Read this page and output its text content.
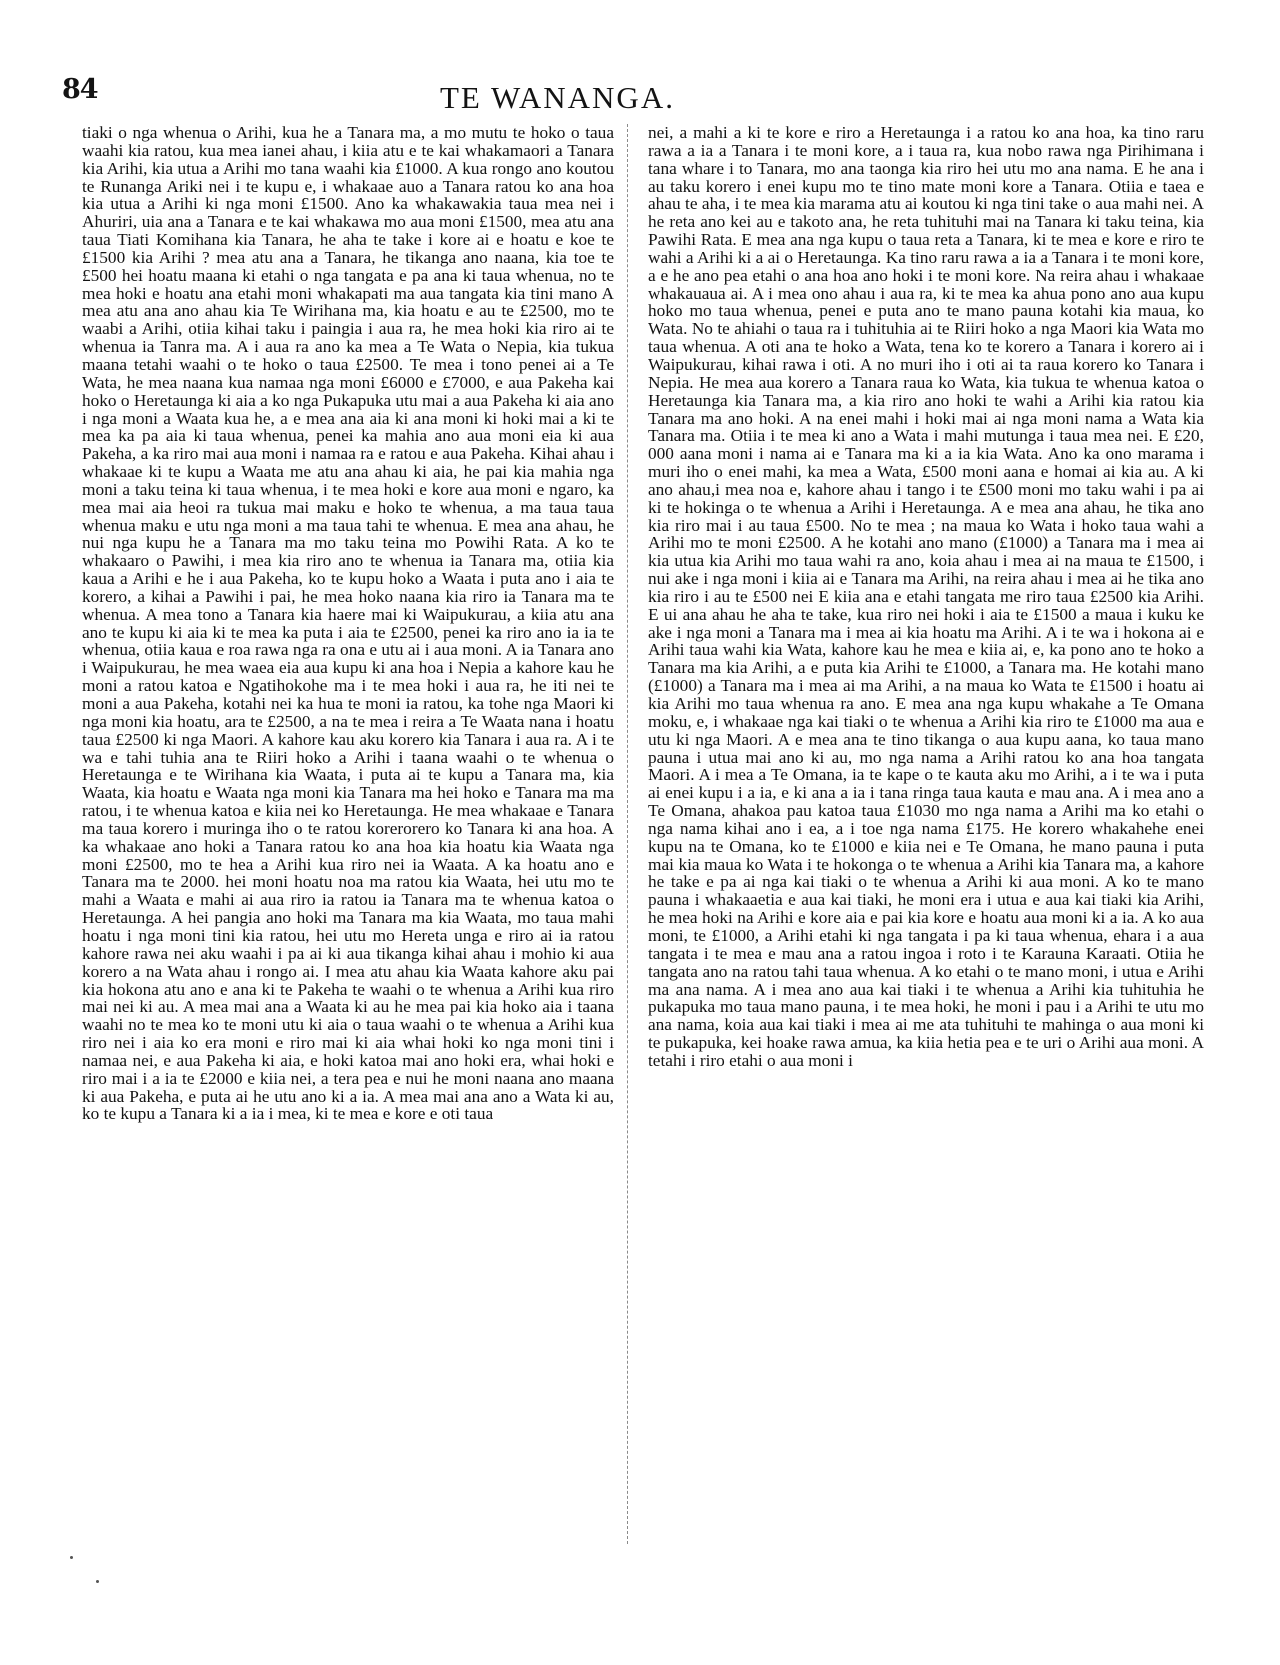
84	TE WANANGA.

tiaki o nga whenua o Arihi, kua he a Tanara ma, a mo mutu te hoko o taua waahi kia ratou, kua mea ianei ahau, i kiia atu e te kai whakamaori a Tanara kia Arihi, kia utua a Arihi mo tana waahi kia £1000. A kua rongo ano koutou te Runanga Ariki nei i te kupu e, i whakaae auo a Tanara ratou ko ana hoa kia utua a Arihi ki nga moni £1500. Ano ka whakawakia taua mea nei i Ahuriri, uia ana a Tanara e te kai whakawa mo aua moni £1500, mea atu ana taua Tiati Komihana kia Tanara, he aha te take i kore ai e hoatu e koe te £1500 kia Arihi ? mea atu ana a Tanara, he tikanga ano naana, kia toe te £500 hei hoatu maana ki etahi o nga tangata e pa ana ki taua whenua, no te mea hoki e hoatu ana etahi moni whakapati ma aua tangata kia tini mano A mea atu ana ano ahau kia Te Wirihana ma, kia hoatu e au te £2500, mo te waabi a Arihi, otiia kihai taku i paingia i aua ra, he mea hoki kia riro ai te whenua ia Tanra ma. A i aua ra ano ka mea a Te Wata o Nepia, kia tukua maana tetahi waahi o te hoko o taua £2500. Te mea i tono penei ai a Te Wata, he mea naana kua namaa nga moni £6000 e £7000, e aua Pakeha kai hoko o Heretaunga ki aia a ko nga Pukapuka utu mai a aua Pakeha ki aia ano i nga moni a Waata kua he, a e mea ana aia ki ana moni ki hoki mai a ki te mea ka pa aia ki taua whenua, penei ka mahia ano aua moni eia ki aua Pakeha, a ka riro mai aua moni i namaa ra e ratou e aua Pakeha. Kihai ahau i whakaae ki te kupu a Waata me atu ana ahau ki aia, he pai kia mahia nga moni a taku teina ki taua whenua, i te mea hoki e kore aua moni e ngaro, ka mea mai aia heoi ra tukua mai maku e hoko te whenua, a ma taua taua whenua maku e utu nga moni a ma taua tahi te whenua. E mea ana ahau, he nui nga kupu he a Tanara ma mo taku teina mo Powihi Rata. A ko te whakaaro o Pawihi, i mea kia riro ano te whenua ia Tanara ma, otiia kia kaua a Arihi e he i aua Pakeha, ko te kupu hoko a Waata i puta ano i aia te korero, a kihai a Pawihi i pai, he mea hoko naana kia riro ia Tanara ma te whenua. A mea tono a Tanara kia haere mai ki Waipukurau, a kiia atu ana ano te kupu ki aia ki te mea ka puta i aia te £2500, penei ka riro ano ia ia te whenua, otiia kaua e roa rawa nga ra ona e utu ai i aua moni. A ia Tanara ano i Waipukurau, he mea waea eia aua kupu ki ana hoa i Nepia a kahore kau he moni a ratou katoa e Ngatihokohe ma i te mea hoki i aua ra, he iti nei te moni a aua Pakeha, kotahi nei ka hua te moni ia ratou, ka tohe nga Maori ki nga moni kia hoatu, ara te £2500, a na te mea i reira a Te Waata nana i hoatu taua £2500 ki nga Maori. A kahore kau aku korero kia Tanara i aua ra. A i te wa e tahi tuhia ana te Riiri hoko a Arihi i taana waahi o te whenua o Heretaunga e te Wirihana kia Waata, i puta ai te kupu a Tanara ma, kia Waata, kia hoatu e Waata nga moni kia Tanara ma hei hoko e Tanara ma ma ratou, i te whenua katoa e kiia nei ko Heretaunga. He mea whakaae e Tanara ma taua korero i muringa iho o te ratou korerorero ko Tanara ki ana hoa. A ka whakaae ano hoki a Tanara ratou ko ana hoa kia hoatu kia Waata nga moni £2500, mo te hea a Arihi kua riro nei ia Waata. A ka hoatu ano e Tanara ma te 2000. hei moni hoatu noa ma ratou kia Waata, hei utu mo te mahi a Waata e mahi ai aua riro ia ratou ia Tanara ma te whenua katoa o Heretaunga. A hei pangia ano hoki ma Tanara ma kia Waata, mo taua mahi hoatu i nga moni tini kia ratou, hei utu mo Hereta unga e riro ai ia ratou kahore rawa nei aku waahi i pa ai ki aua tikanga kihai ahau i mohio ki aua korero a na Wata ahau i rongo ai. I mea atu ahau kia Waata kahore aku pai kia hokona atu ano e ana ki te Pakeha te waahi o te whenua a Arihi kua riro mai nei ki au. A mea mai ana a Waata ki au he mea pai kia hoko aia i taana waahi no te mea ko te moni utu ki aia o taua waahi o te whenua a Arihi kua riro nei i aia ko era moni e riro mai ki aia whai hoki ko nga moni tini i namaa nei, e aua Pakeha ki aia, e hoki katoa mai ano hoki era, whai hoki e riro mai i a ia te £2000 e kiia nei, a tera pea e nui he moni naana ano maana ki aua Pakeha, e puta ai he utu ano ki a ia. A mea mai ana ano a Wata ki au, ko te kupu a Tanara ki a ia i mea, ki te mea e kore e oti taua

nei, a mahi a ki te kore e riro a Heretaunga i a ratou ko ana hoa, ka tino raru rawa a ia a Tanara i te moni kore, a i taua ra, kua nobo rawa nga Pirihimana i tana whare i to Tanara, mo ana taonga kia riro hei utu mo ana nama. E he ana i au taku korero i enei kupu mo te tino mate moni kore a Tanara. Otiia e taea e ahau te aha, i te mea kia marama atu ai koutou ki nga tini take o aua mahi nei. A he reta ano kei au e takoto ana, he reta tuhituhi mai na Tanara ki taku teina, kia Pawihi Rata. E mea ana nga kupu o taua reta a Tanara, ki te mea e kore e riro te wahi a Arihi ki a ai o Heretaunga. Ka tino raru rawa a ia a Tanara i te moni kore, a e he ano pea etahi o ana hoa ano hoki i te moni kore. Na reira ahau i whakaae whakauaua ai. A i mea ono ahau i aua ra, ki te mea ka ahua pono ano aua kupu hoko mo taua whenua, penei e puta ano te mano pauna kotahi kia maua, ko Wata. No te ahiahi o taua ra i tuhituhia ai te Riiri hoko a nga Maori kia Wata mo taua whenua. A oti ana te hoko a Wata, tena ko te korero a Tanara i korero ai i Waipukurau, kihai rawa i oti. A no muri iho i oti ai ta raua korero ko Tanara i Nepia. He mea aua korero a Tanara raua ko Wata, kia tukua te whenua katoa o Heretaunga kia Tanara ma, a kia riro ano hoki te wahi a Arihi kia ratou kia Tanara ma ano hoki. A na enei mahi i hoki mai ai nga moni nama a Wata kia Tanara ma. Otiia i te mea ki ano a Wata i mahi mutunga i taua mea nei. E £20, 000 aana moni i nama ai e Tanara ma ki a ia kia Wata. Ano ka ono marama i muri iho o enei mahi, ka mea a Wata, £500 moni aana e homai ai kia au. A ki ano ahau,i mea noa e, kahore ahau i tango i te £500 moni mo taku wahi i pa ai ki te hokinga o te whenua a Arihi i Heretaunga. A e mea ana ahau, he tika ano kia riro mai i au taua £500. No te mea ; na maua ko Wata i hoko taua wahi a Arihi mo te moni £2500. A he kotahi ano mano (£1000) a Tanara ma i mea ai kia utua kia Arihi mo taua wahi ra ano, koia ahau i mea ai na maua te £1500, i nui ake i nga moni i kiia ai e Tanara ma Arihi, na reira ahau i mea ai he tika ano kia riro i au te £500 nei E kiia ana e etahi tangata me riro taua £2500 kia Arihi. E ui ana ahau he aha te take, kua riro nei hoki i aia te £1500 a maua i kuku ke ake i nga moni a Tanara ma i mea ai kia hoatu ma Arihi. A i te wa i hokona ai e Arihi taua wahi kia Wata, kahore kau he mea e kiia ai, e, ka pono ano te hoko a Tanara ma kia Arihi, a e puta kia Arihi te £1000, a Tanara ma. He kotahi mano (£1000) a Tanara ma i mea ai ma Arihi, a na maua ko Wata te £1500 i hoatu ai kia Arihi mo taua whenua ra ano. E mea ana nga kupu whakahe a Te Omana moku, e, i whakaae nga kai tiaki o te whenua a Arihi kia riro te £1000 ma aua e utu ki nga Maori. A e mea ana te tino tikanga o aua kupu aana, ko taua mano pauna i utua mai ano ki au, mo nga nama a Arihi ratou ko ana hoa tangata Maori. A i mea a Te Omana, ia te kape o te kauta aku mo Arihi, a i te wa i puta ai enei kupu i a ia, e ki ana a ia i tana ringa taua kauta e mau ana. A i mea ano a Te Omana, ahakoa pau katoa taua £1030 mo nga nama a Arihi ma ko etahi o nga nama kihai ano i ea, a i toe nga nama £175. He korero whakahehe enei kupu na te Omana, ko te £1000 e kiia nei e Te Omana, he mano pauna i puta mai kia maua ko Wata i te hokonga o te whenua a Arihi kia Tanara ma, a kahore he take e pa ai nga kai tiaki o te whenua a Arihi ki aua moni. A ko te mano pauna i whakaaetia e aua kai tiaki, he moni era i utua e aua kai tiaki kia Arihi, he mea hoki na Arihi e kore aia e pai kia kore e hoatu aua moni ki a ia. A ko aua moni, te £1000, a Arihi etahi ki nga tangata i pa ki taua whenua, ehara i a aua tangata i te mea e mau ana a ratou ingoa i roto i te Karauna Karaati. Otiia he tangata ano na ratou tahi taua whenua. A ko etahi o te mano moni, i utua e Arihi ma ana nama. A i mea ano aua kai tiaki i te whenua a Arihi kia tuhituhia he pukapuka mo taua mano pauna, i te mea hoki, he moni i pau i a Arihi te utu mo ana nama, koia aua kai tiaki i mea ai me ata tuhituhi te mahinga o aua moni ki te pukapuka, kei hoake rawa amua, ka kiia hetia pea e te uri o Arihi aua moni. A tetahi i riro etahi o aua moni i
